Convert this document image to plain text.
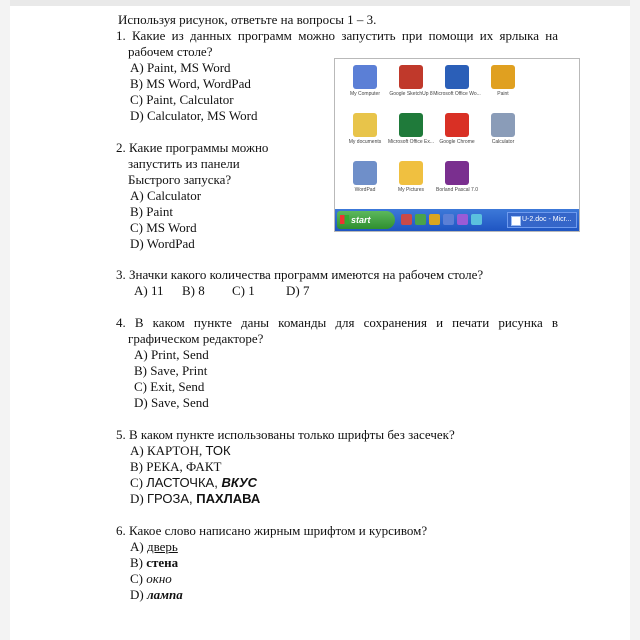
Используя рисунок, ответьте на вопросы 1 – 3.
1. Какие из данных программ можно запустить при помощи их ярлыка на
рабочем столе?
A) Paint, MS Word
B) MS Word, WordPad
C) Paint, Calculator
D) Calculator, MS Word
2. Какие программы можно
запустить из панели
Быстрого запуска?
A) Calculator
B) Paint
C) MS Word
D) WordPad
My Computer	Google SketchUp 8 Microsoft Office Wo...	Paint
My documents	Microsoft Office Ex...	Google Chrome	Calculator
WordPad	My Pictures	Borland Pascal 7.0
start	U-2.doc - Micr...
3. Значки какого количества программ имеются на рабочем столе?
A) 11 B) 8 C) 1 D) 7
4. В каком пункте даны команды для сохранения и печати рисунка в
графическом редакторе?
A) Print, Send
B) Save, Print
C) Exit, Send
D) Save, Send
5. В каком пункте использованы только шрифты без засечек?
A) КАРТОН, ТОК
B) РЕКА, ФАКТ
C) ЛАСТОЧКА, ВКУС
D) ГРОЗА, ПАХЛАВА
6. Какое слово написано жирным шрифтом и курсивом?
A) дверь
B) стена
C) окно
D) лампа
